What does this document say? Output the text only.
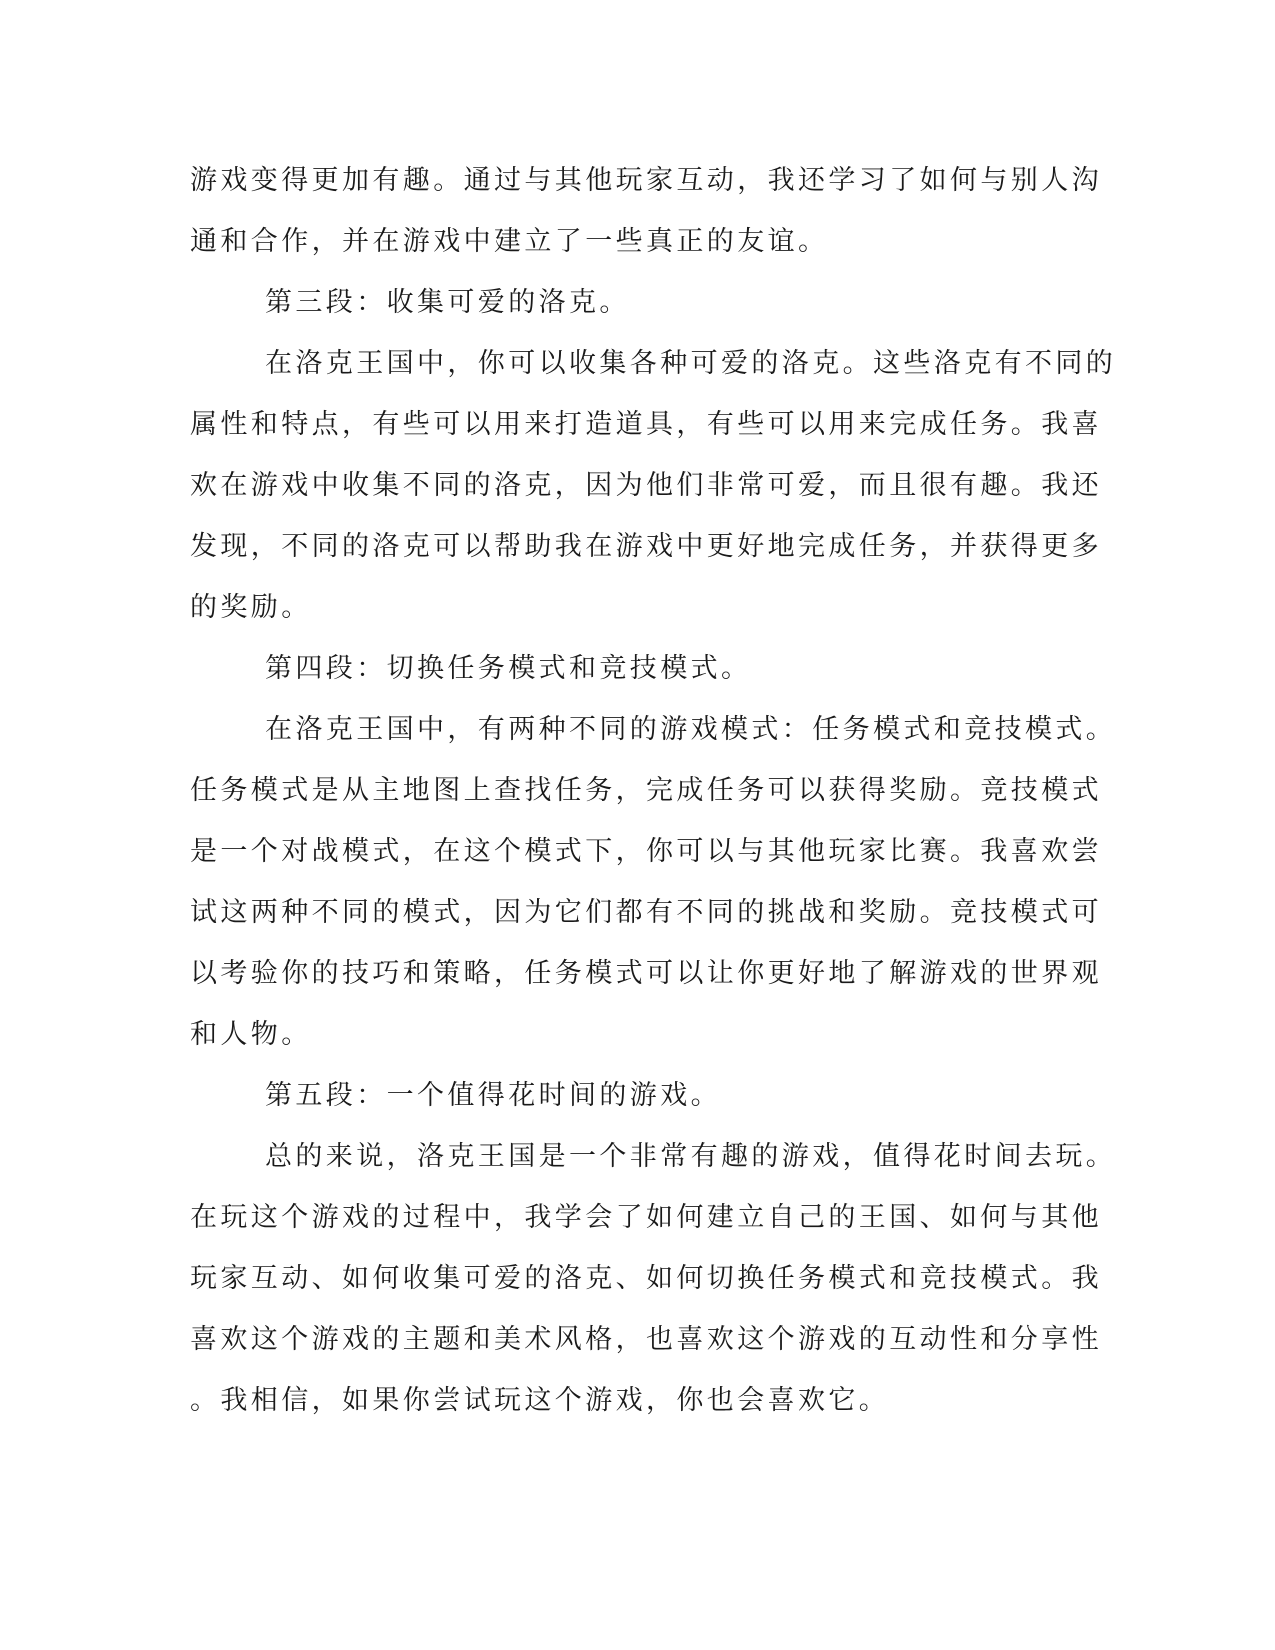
游戏变得更加有趣。通过与其他玩家互动，我还学习了如何与别人沟
通和合作，并在游戏中建立了一些真正的友谊。
第三段：收集可爱的洛克。
在洛克王国中，你可以收集各种可爱的洛克。这些洛克有不同的
属性和特点，有些可以用来打造道具，有些可以用来完成任务。我喜
欢在游戏中收集不同的洛克，因为他们非常可爱，而且很有趣。我还
发现，不同的洛克可以帮助我在游戏中更好地完成任务，并获得更多
的奖励。
第四段：切换任务模式和竞技模式。
在洛克王国中，有两种不同的游戏模式：任务模式和竞技模式。
任务模式是从主地图上查找任务，完成任务可以获得奖励。竞技模式
是一个对战模式，在这个模式下，你可以与其他玩家比赛。我喜欢尝
试这两种不同的模式，因为它们都有不同的挑战和奖励。竞技模式可
以考验你的技巧和策略，任务模式可以让你更好地了解游戏的世界观
和人物。
第五段：一个值得花时间的游戏。
总的来说，洛克王国是一个非常有趣的游戏，值得花时间去玩。
在玩这个游戏的过程中，我学会了如何建立自己的王国、如何与其他
玩家互动、如何收集可爱的洛克、如何切换任务模式和竞技模式。我
喜欢这个游戏的主题和美术风格，也喜欢这个游戏的互动性和分享性
。我相信，如果你尝试玩这个游戏，你也会喜欢它。
